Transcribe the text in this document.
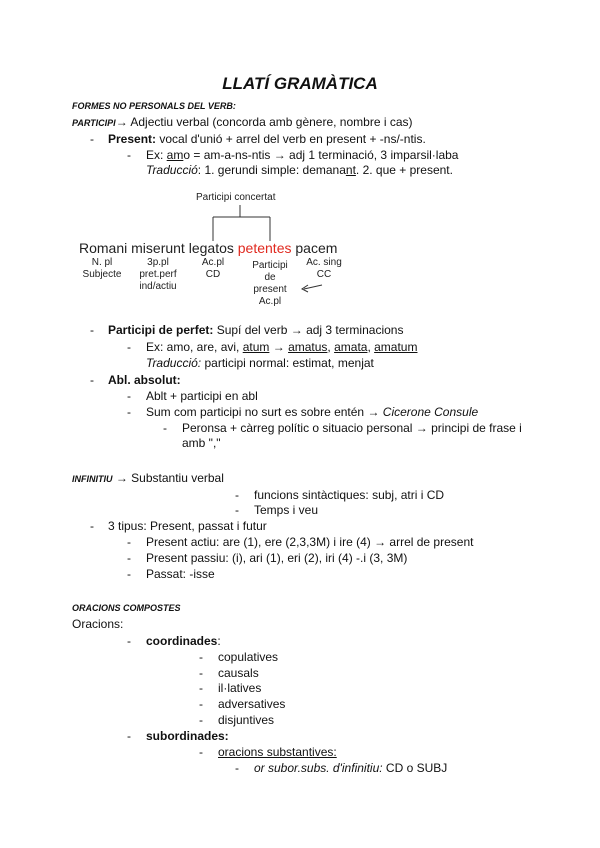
LLATÍ GRAMÀTICA
FORMES NO PERSONALS DEL VERB:
PARTICIPI→ Adjectiu verbal (concorda amb gènere, nombre i cas)
- Present: vocal d'unió + arrel del verb en present + -ns/-ntis.
- Ex: amo = am-a-ns-ntis → adj 1 terminació, 3 imparsil·laba
Traducció: 1. gerundi simple: demanant. 2. que + present.
Participi concertat
Romani miserunt legatos petentes pacem
N. pl
Subjecte
3p.pl
pret.perf
ind/actiu
Ac.pl
CD
Participi
de
present
Ac.pl
Ac. sing
CC
- Participi de perfet: Supí del verb → adj 3 terminacions
- Ex: amo, are, avi, atum → amatus, amata, amatum
Traducció: participi normal: estimat, menjat
- Abl. absolut:
- Ablt + participi en abl
- Sum com participi no surt es sobre entén → Cicerone Consule
- Peronsa + càrreg polític o situacio personal → principi de frase i
amb ","
INFINITIU → Substantiu verbal
- funcions sintàctiques: subj, atri i CD
- Temps i veu
- 3 tipus: Present, passat i futur
- Present actiu: are (1), ere (2,3,3M) i ire (4) → arrel de present
- Present passiu: (i), ari (1), eri (2), iri (4) -.i (3, 3M)
- Passat: -isse
ORACIONS COMPOSTES
Oracions:
- coordinades:
- copulatives
- causals
- il·latives
- adversatives
- disjuntives
- subordinades:
- oracions substantives:
- or subor.subs. d'infinitiu: CD o SUBJ
